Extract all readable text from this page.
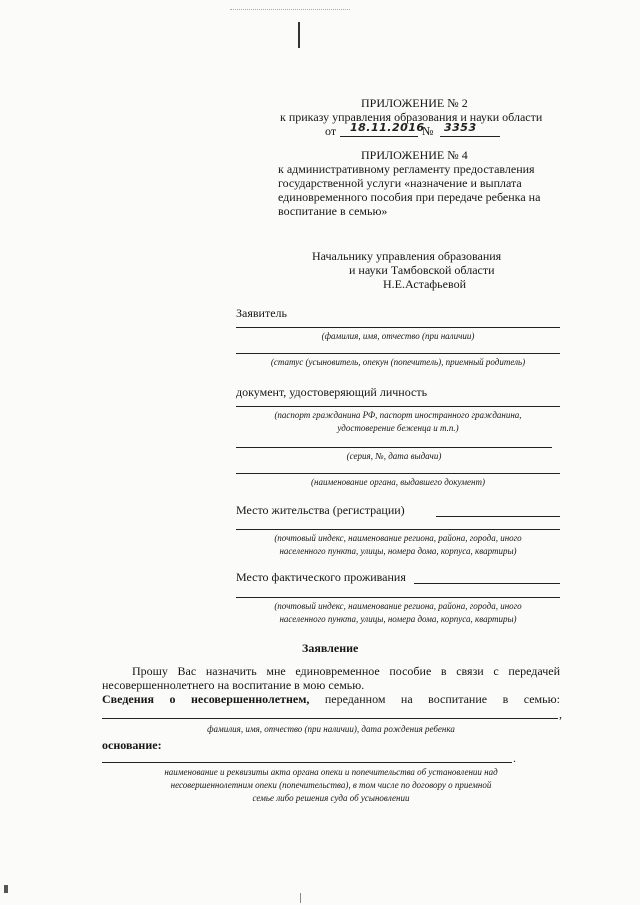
ПРИЛОЖЕНИЕ № 2
к приказу управления образования и науки области
от 18.11.2016
№ 3353
ПРИЛОЖЕНИЕ № 4
к административному регламенту предоставления
государственной услуги «назначение и выплата
единовременного пособия при передаче ребенка на
воспитание в семью»
Начальнику управления образования
и науки Тамбовской области
Н.Е.Астафьевой
Заявитель
(фамилия, имя, отчество (при наличии)
(статус (усыновитель, опекун (попечитель), приемный родитель)
документ, удостоверяющий личность
(паспорт гражданина РФ, паспорт иностранного гражданина,
удостоверение беженца и т.п.)
(серия, №, дата выдачи)
(наименование органа, выдавшего документ)
Место жительства (регистрации)
(почтовый индекс, наименование региона, района, города, иного
населенного пункта, улицы, номера дома, корпуса, квартиры)
Место фактического проживания
(почтовый индекс, наименование региона, района, города, иного
населенного пункта, улицы, номера дома, корпуса, квартиры)
Заявление
Прошу Вас назначить мне единовременное пособие в связи с передачей
несовершеннолетнего на воспитание в мою семью.
Сведения о несовершеннолетнем, переданном на воспитание в семью:
,
фамилия, имя, отчество (при наличии), дата рождения ребенка
основание:
.
наименование и реквизиты акта органа опеки и попечительства об установлении над
несовершеннолетним опеки (попечительства), в том числе по договору о приемной
семье либо решения суда об усыновлении
